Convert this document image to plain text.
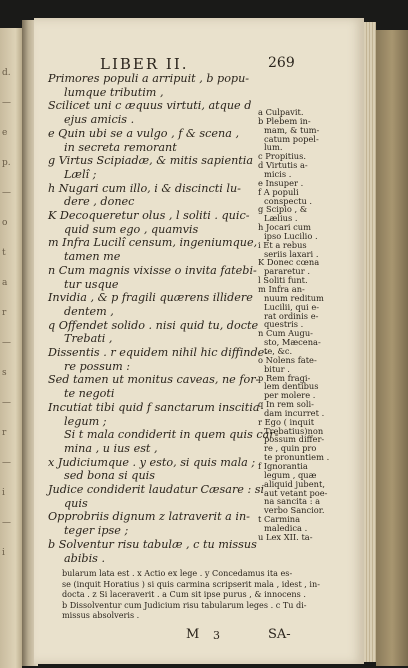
d.
—
e
p.
—
o
t
a
r
—
s
—
r
—
i
—
i
LIBER II.	269
Primores populi a arripuit , b popu-
lumque tributim ,
Scilicet uni c æquus virtuti, atque d
ejus amicis .
e Quin ubi se a vulgo , f & scena ,
in secreta remorant
g Virtus Scipiadæ, & mitis sapientia
Lælî ;
h Nugari cum illo, i & discincti lu-
dere , donec
K Decoqueretur olus , l soliti . quic-
quid sum ego , quamvis
m Infra Lucilî censum, ingeniumque,
tamen me
n Cum magnis vixisse o invita fatebi-
tur usque
Invidia , & p fragili quærens illidere
dentem ,
q Offendet solido . nisi quid tu, docte
Trebati ,
Dissentis . r equidem nihil hic diffinde-
re possum :
Sed tamen ut monitus caveas, ne for-
te negoti
Incutiat tibi quid f sanctarum inscitia
legum ;
Si t mala condiderit in quem quis car-
mina , u ius est ,
x Judiciumque . y esto, si quis mala ;
sed bona si quis
Judice condiderit laudatur Cæsare : si
quis
Opprobriis dignum z latraverit a in-
teger ipse ;
b Solventur risu tabulæ , c tu missus
abibis .
a Culpavit.
b Plebem in-
mam, & tum-
catum popel-
lum.
c Propitius.
d Virtutis a-
micis .
e Insuper .
f A populi
conspectu .
g Scipio , &
Lælius .
h Jocari cum
ipso Lucilio .
i Et a rebus
seriis laxari .
K Donec cœna
pararetur .
l Soliti funt.
m Infra an-
nuum reditum
Lucilii, qui e-
rat ordinis e-
questris .
n Cum Augu-
sto, Mæcena-
te, &c.
o Nolens fate-
bitur .
p Rem fragi-
lem dentibus
per molere .
q In rem soli-
dam incurret .
r Ego ( inquit
Trebatius)non
possum differ-
re , quin pro
te pronuntiem .
f Ignorantia
legum , quæ
aliquid jubent,
aut vetant poe-
na sancita : a
verbo Sancior.
t Carmina
maledica .
u Lex XII. ta-
bularum lata est . x Actio ex lege . y Concedamus ita es-
se (inquit Horatius ) si quis carmina scripserit mala , idest , in-
docta . z Si laceraverit . a Cum sit ipse purus , & innocens .
b Dissolventur cum Judicium risu tabularum leges . c Tu di-
missus absolveris .
M 3	SA-
